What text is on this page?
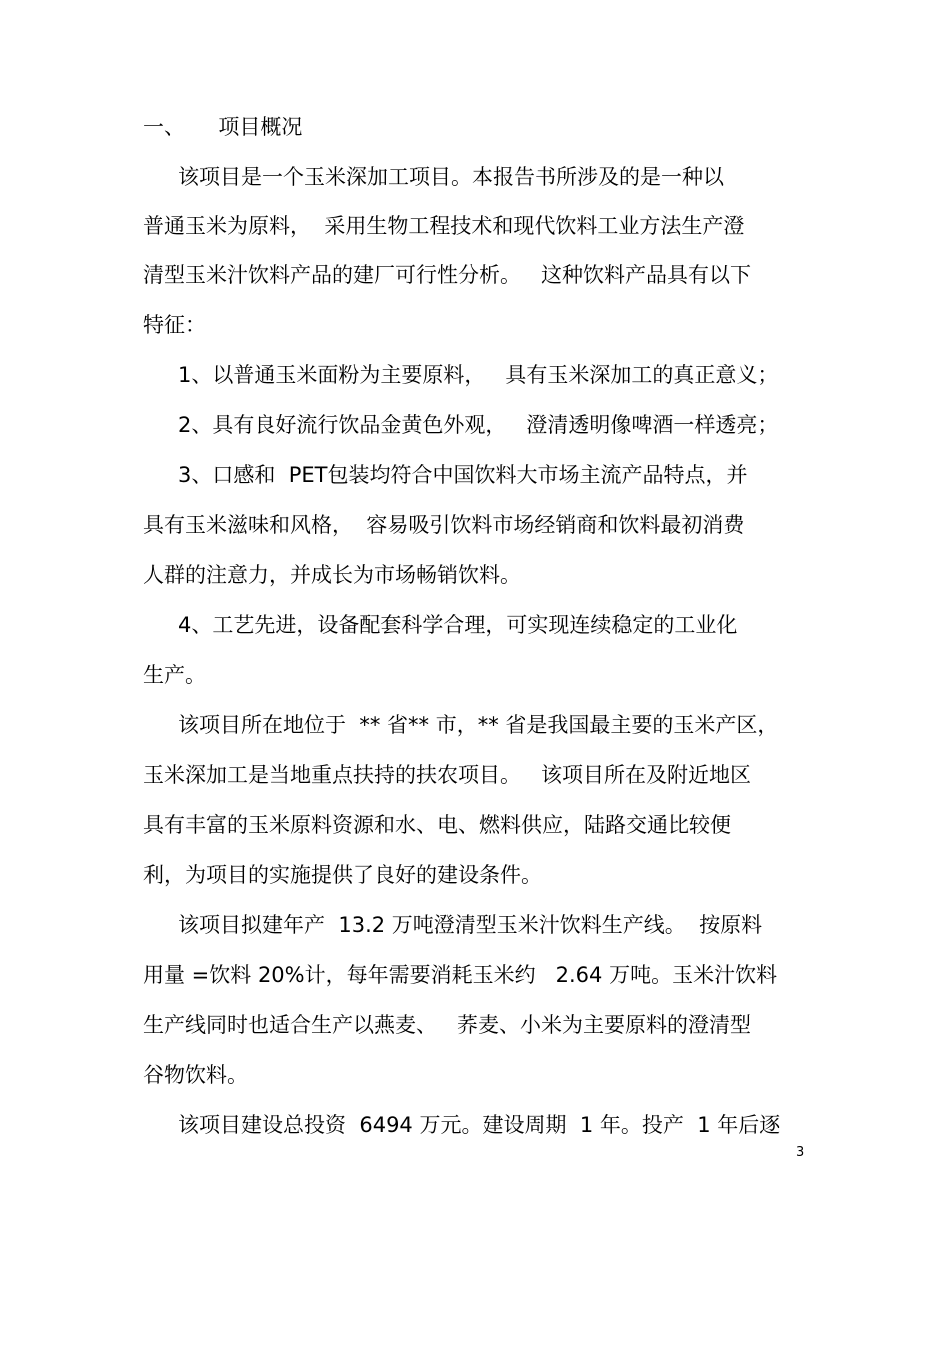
一、     项目概况
该项目是一个玉米深加工项目。本报告书所涉及的是一种以
普通玉米为原料，  采用生物工程技术和现代饮料工业方法生产澄
清型玉米汁饮料产品的建厂可行性分析。   这种饮料产品具有以下
特征：
1、以普通玉米面粉为主要原料，   具有玉米深加工的真正意义；
2、具有良好流行饮品金黄色外观，   澄清透明像啤酒一样透亮；
3、口感和  PET包装均符合中国饮料大市场主流产品特点，并
具有玉米滋味和风格，  容易吸引饮料市场经销商和饮料最初消费
人群的注意力，并成长为市场畅销饮料。
4、工艺先进，设备配套科学合理，可实现连续稳定的工业化
生产。
该项目所在地位于  ** 省** 市，** 省是我国最主要的玉米产区，
玉米深加工是当地重点扶持的扶农项目。   该项目所在及附近地区
具有丰富的玉米原料资源和水、电、燃料供应，陆路交通比较便
利，为项目的实施提供了良好的建设条件。
该项目拟建年产  13.2 万吨澄清型玉米汁饮料生产线。  按原料
用量 =饮料 20%计，每年需要消耗玉米约   2.64 万吨。玉米汁饮料
生产线同时也适合生产以燕麦、   荞麦、小米为主要原料的澄清型
谷物饮料。
该项目建设总投资  6494 万元。建设周期  1 年。投产  1 年后逐
3
